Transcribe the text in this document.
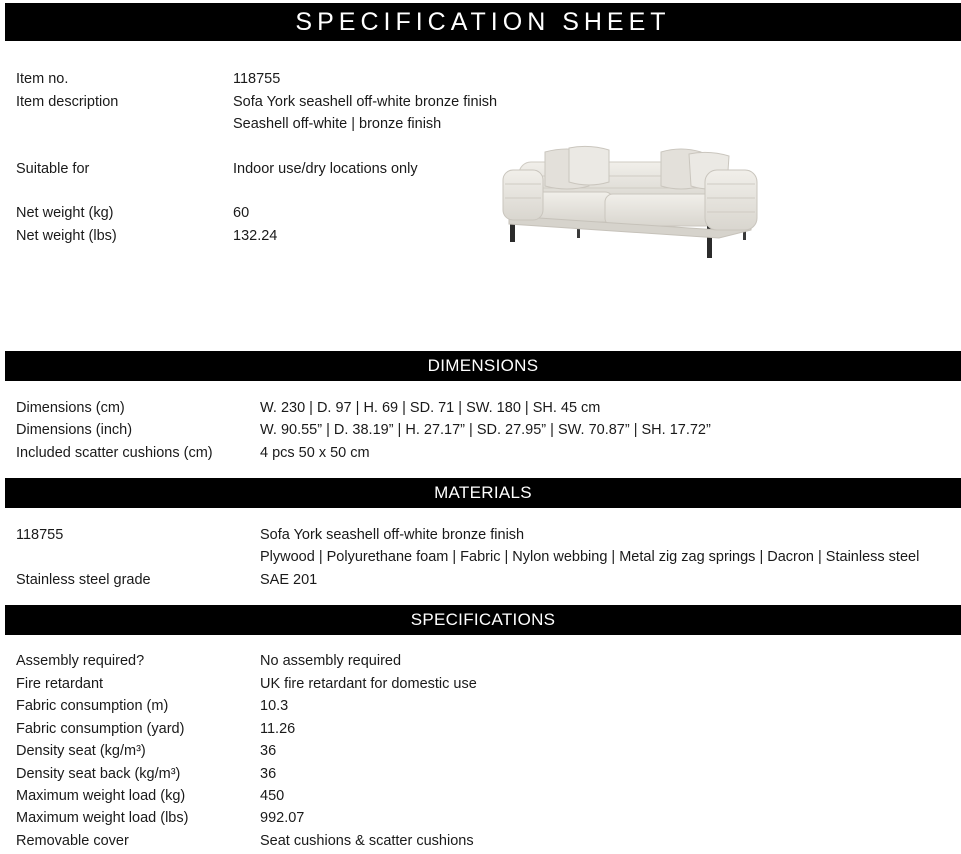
SPECIFICATION SHEET
Item no.	118755
Item description	Sofa York seashell off-white bronze finish
Seashell off-white | bronze finish
Suitable for	Indoor use/dry locations only
Net weight (kg)	60
Net weight (lbs)	132.24
DIMENSIONS
Dimensions (cm)	W. 230 | D. 97 | H. 69 | SD. 71 | SW. 180 | SH. 45 cm
Dimensions (inch)	W. 90.55” | D. 38.19” | H. 27.17” | SD. 27.95” | SW. 70.87” | SH. 17.72”
Included scatter cushions (cm)	4 pcs 50 x 50 cm
MATERIALS
118755	Sofa York seashell off-white bronze finish
Plywood | Polyurethane foam | Fabric | Nylon webbing | Metal zig zag springs | Dacron | Stainless steel
Stainless steel grade	SAE 201
SPECIFICATIONS
Assembly required?	No assembly required
Fire retardant	UK fire retardant for domestic use
Fabric consumption (m)	10.3
Fabric consumption (yard)	11.26
Density seat (kg/m³)	36
Density seat back (kg/m³)	36
Maximum weight load (kg)	450
Maximum weight load (lbs)	992.07
Removable cover	Seat cushions & scatter cushions
